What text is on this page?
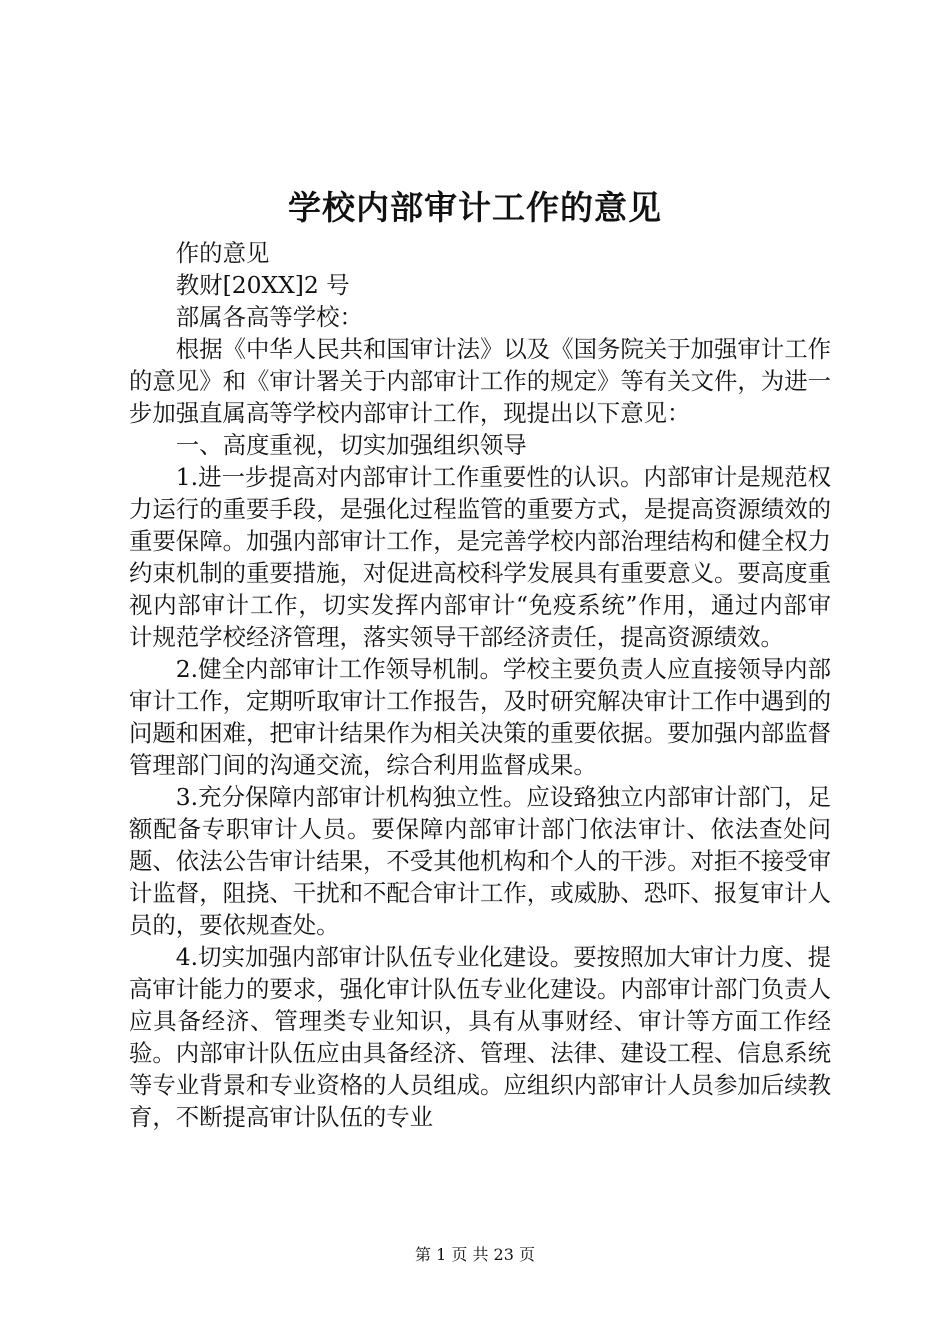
学校内部审计工作的意见

作的意见

教财[20XX]2 号

部属各高等学校：

根据《中华人民共和国审计法》以及《国务院关于加强审计工作的意见》和《审计署关于内部审计工作的规定》等有关文件，为进一步加强直属高等学校内部审计工作，现提出以下意见：

一、高度重视，切实加强组织领导

1.进一步提高对内部审计工作重要性的认识。内部审计是规范权力运行的重要手段，是强化过程监管的重要方式，是提高资源绩效的重要保障。加强内部审计工作，是完善学校内部治理结构和健全权力约束机制的重要措施，对促进高校科学发展具有重要意义。要高度重视内部审计工作，切实发挥内部审计“免疫系统”作用，通过内部审计规范学校经济管理，落实领导干部经济责任，提高资源绩效。

2.健全内部审计工作领导机制。学校主要负责人应直接领导内部审计工作，定期听取审计工作报告，及时研究解决审计工作中遇到的问题和困难，把审计结果作为相关决策的重要依据。要加强内部监督管理部门间的沟通交流，综合利用监督成果。

3.充分保障内部审计机构独立性。应设臵独立内部审计部门，足额配备专职审计人员。要保障内部审计部门依法审计、依法查处问题、依法公告审计结果，不受其他机构和个人的干涉。对拒不接受审计监督，阻挠、干扰和不配合审计工作，或威胁、恐吓、报复审计人员的，要依规查处。

4.切实加强内部审计队伍专业化建设。要按照加大审计力度、提高审计能力的要求，强化审计队伍专业化建设。内部审计部门负责人应具备经济、管理类专业知识，具有从事财经、审计等方面工作经验。内部审计队伍应由具备经济、管理、法律、建设工程、信息系统等专业背景和专业资格的人员组成。应组织内部审计人员参加后续教育，不断提高审计队伍的专业

第 1 页 共 23 页
